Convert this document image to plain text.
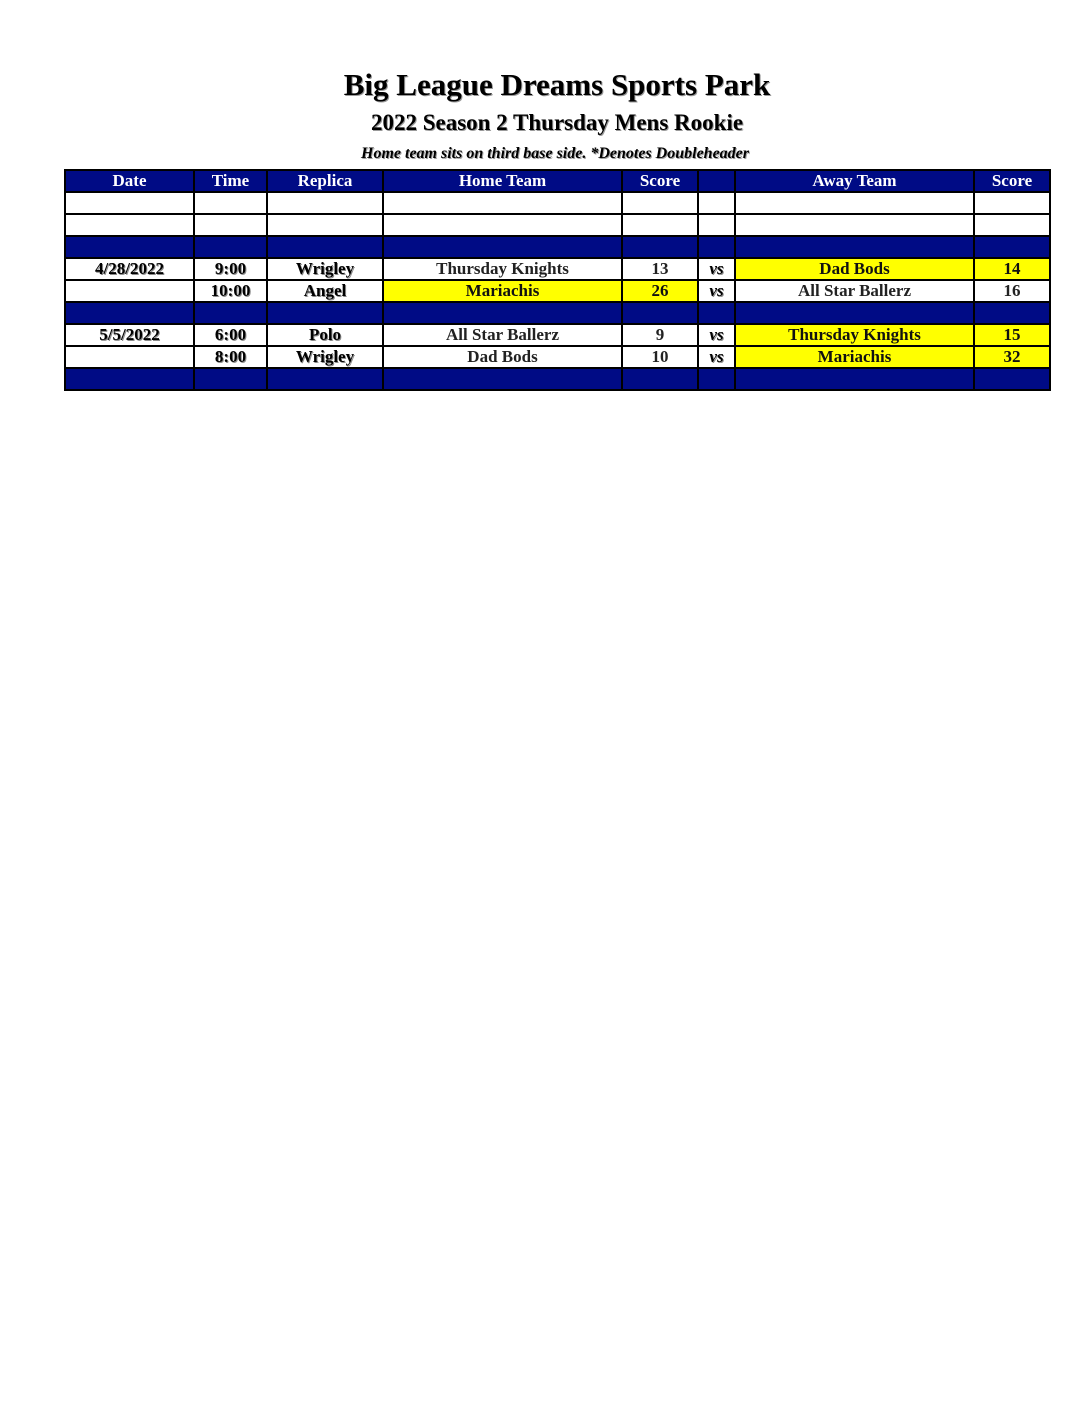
Big League Dreams Sports Park
2022 Season 2 Thursday Mens Rookie
Home team sits on third base side. *Denotes Doubleheader
Date	Time	Replica	Home Team	Score		Away Team	Score

4/28/2022	9:00	Wrigley	Thursday Knights	13	vs	Dad Bods	14
	10:00	Angel	Mariachis	26	vs	All Star Ballerz	16

5/5/2022	6:00	Polo	All Star Ballerz	9	vs	Thursday Knights	15
	8:00	Wrigley	Dad Bods	10	vs	Mariachis	32
